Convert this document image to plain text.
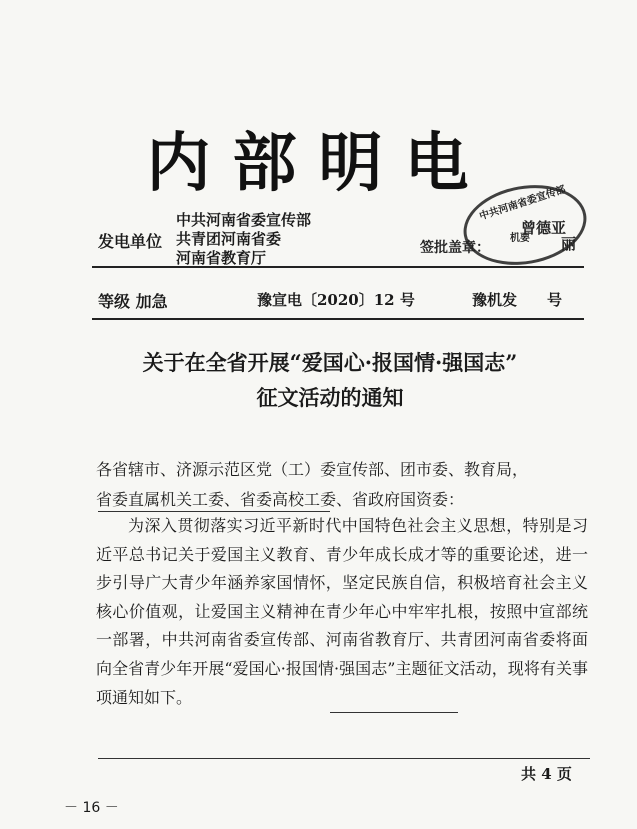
内部明电
发电单位
中共河南省委宣传部
共青团河南省委
河南省教育厅
中共河南省委宣传部
机要
签批盖章：
曾德亚
丽
等级 加急	豫宣电〔2020〕12 号	豫机发　　号
关于在全省开展“爱国心·报国情·强国志”
征文活动的通知
各省辖市、济源示范区党（工）委宣传部、团市委、教育局，
省委直属机关工委、省委高校工委、省政府国资委：
为深入贯彻落实习近平新时代中国特色社会主义思想，特别是习近平总书记关于爱国主义教育、青少年成长成才等的重要论述，进一步引导广大青少年涵养家国情怀，坚定民族自信，积极培育社会主义核心价值观，让爱国主义精神在青少年心中牢牢扎根，按照中宣部统一部署，中共河南省委宣传部、河南省教育厅、共青团河南省委将面向全省青少年开展“爱国心·报国情·强国志”主题征文活动，现将有关事项通知如下。
共 4 页
－ 16 －
